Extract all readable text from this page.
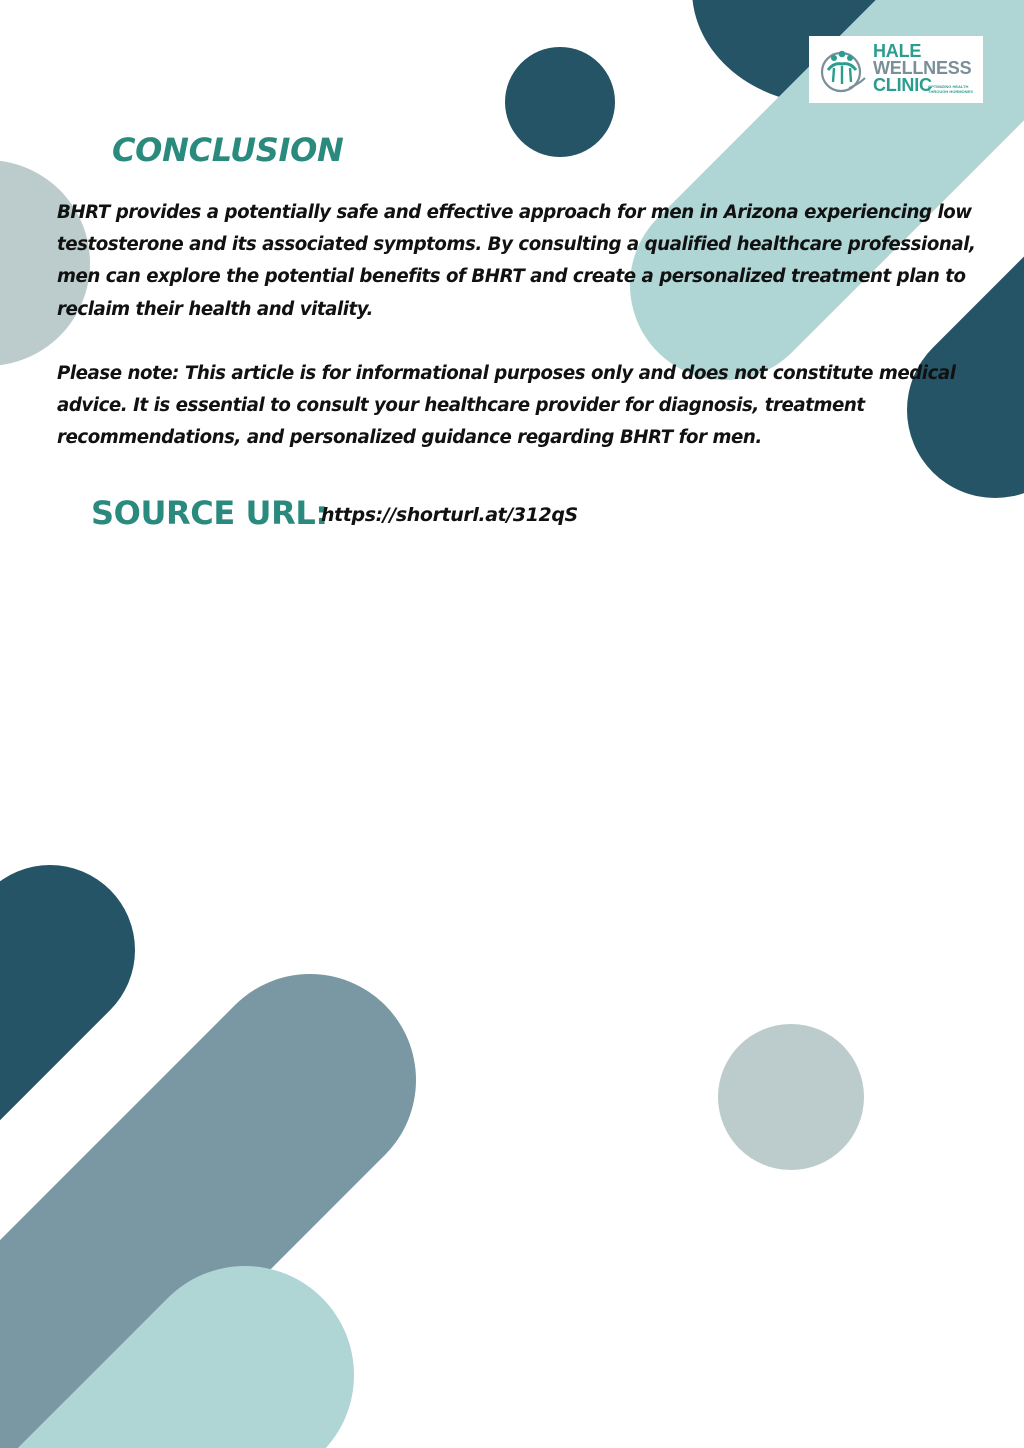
HALE
WELLNESS
CLINIC
OPTIMIZING HEALTH THROUGH HORMONES
CONCLUSION

BHRT provides a potentially safe and effective approach for men in Arizona experiencing low testosterone and its associated symptoms. By consulting a qualified healthcare professional, men can explore the potential benefits of BHRT and create a personalized treatment plan to reclaim their health and vitality.

Please note: This article is for informational purposes only and does not constitute medical advice. It is essential to consult your healthcare provider for diagnosis, treatment recommendations, and personalized guidance regarding BHRT for men.

SOURCE URL:

https://shorturl.at/312qS
